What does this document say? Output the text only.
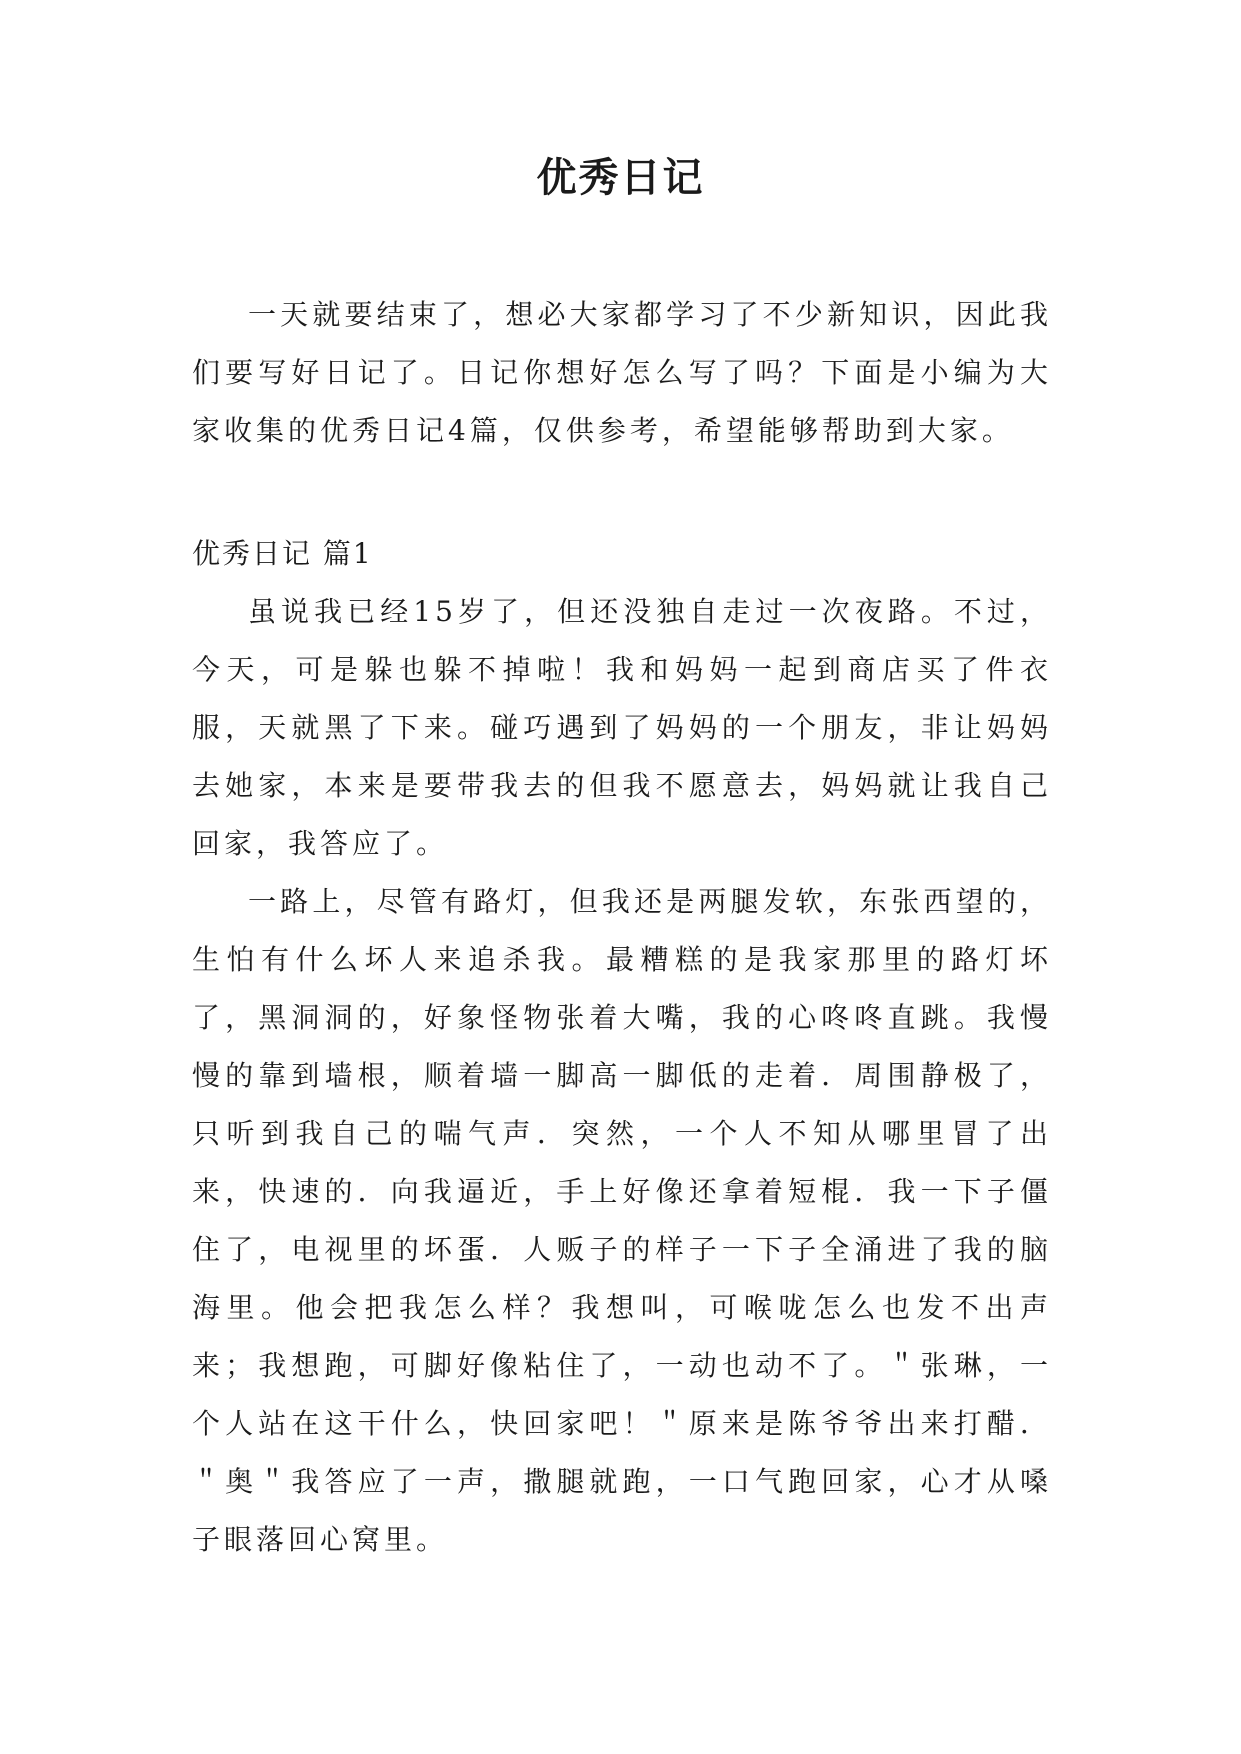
优秀日记

一天就要结束了，想必大家都学习了不少新知识，因此我们要写好日记了。日记你想好怎么写了吗？下面是小编为大家收集的优秀日记4篇，仅供参考，希望能够帮助到大家。

优秀日记 篇1

虽说我已经15岁了，但还没独自走过一次夜路。不过，今天，可是躲也躲不掉啦！我和妈妈一起到商店买了件衣服，天就黑了下来。碰巧遇到了妈妈的一个朋友，非让妈妈去她家，本来是要带我去的但我不愿意去，妈妈就让我自己回家，我答应了。

一路上，尽管有路灯，但我还是两腿发软，东张西望的，生怕有什么坏人来追杀我。最糟糕的是我家那里的路灯坏了，黑洞洞的，好象怪物张着大嘴，我的心咚咚直跳。我慢慢的靠到墙根，顺着墙一脚高一脚低的走着．周围静极了，只听到我自己的喘气声．突然，一个人不知从哪里冒了出来，快速的．向我逼近，手上好像还拿着短棍．我一下子僵住了，电视里的坏蛋．人贩子的样子一下子全涌进了我的脑海里。他会把我怎么样？我想叫，可喉咙怎么也发不出声来；我想跑，可脚好像粘住了，一动也动不了。＂张琳，一个人站在这干什么，快回家吧！＂原来是陈爷爷出来打醋．＂奥＂我答应了一声，撒腿就跑，一口气跑回家，心才从嗓子眼落回心窝里。
